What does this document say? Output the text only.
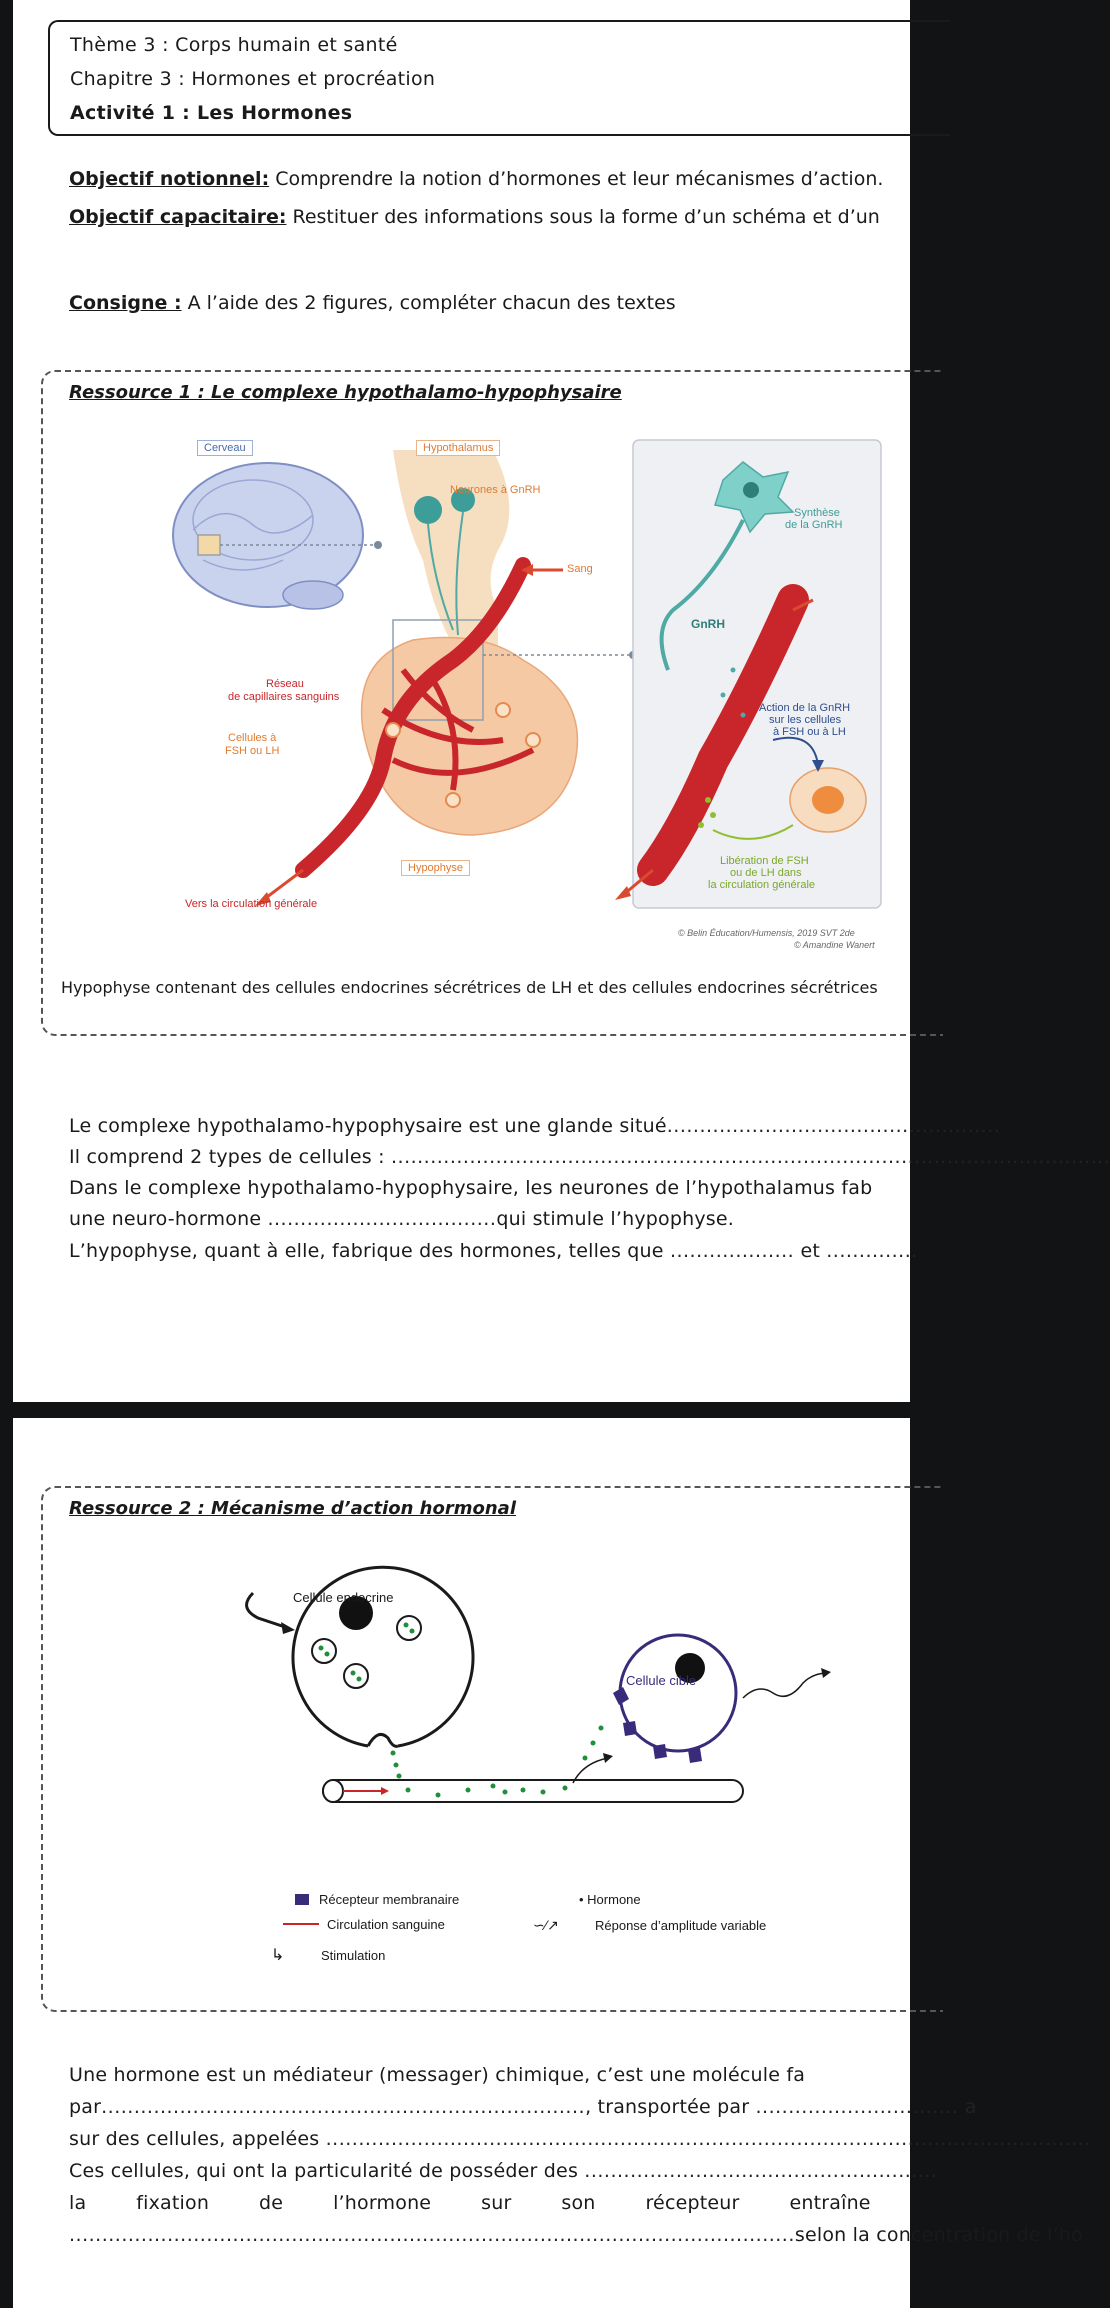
Thème 3 : Corps humain et santé
Chapitre 3 : Hormones et procréation
Activité 1 : Les Hormones
Objectif notionnel: Comprendre la notion d’hormones et leur mécanismes d’action.
Objectif capacitaire: Restituer des informations sous la forme d’un schéma et d’un
Consigne : A l’aide des 2 figures, compléter chacun des textes
Ressource 1 : Le complexe hypothalamo-hypophysaire
Cerveau	Hypothalamus
Neurones à GnRH
Sang
Réseau
de capillaires sanguins
Cellules à
FSH ou LH
Hypophyse
Vers la circulation générale
Synthèse
de la GnRH
GnRH
Action de la GnRH
sur les cellules
à FSH ou à LH
Libération de FSH
ou de LH dans
la circulation générale
© Belin Éducation/Humensis, 2019 SVT 2de
© Amandine Wanert
Hypophyse contenant des cellules endocrines sécrétrices de LH et des cellules endocrines sécrétrices
Le complexe hypothalamo-hypophysaire est une glande situé...................................................
Il comprend 2 types de cellules : ..............................................................................................................
Dans le complexe hypothalamo-hypophysaire, les neurones de l’hypothalamus fab
une neuro-hormone ...................................qui stimule l’hypophyse.
L’hypophyse, quant à elle, fabrique des hormones, telles que ................... et ..............
Ressource 2 : Mécanisme d’action hormonal
Cellule endocrine
Cellule cible
Récepteur membranaire	• Hormone
Circulation sanguine	∽⁄↗	Réponse d’amplitude variable
↳	Stimulation
Une hormone est un médiateur (messager) chimique, c’est une molécule fa
par.........................................................................., transportée par ............................... a
sur des cellules, appelées .....................................................................................................................
Ces cellules, qui ont la particularité de posséder des ......................................................
la        fixation        de        l’hormone        sur        son        récepteur        entraîne
...............................................................................................................selon la concentration de l’ho
